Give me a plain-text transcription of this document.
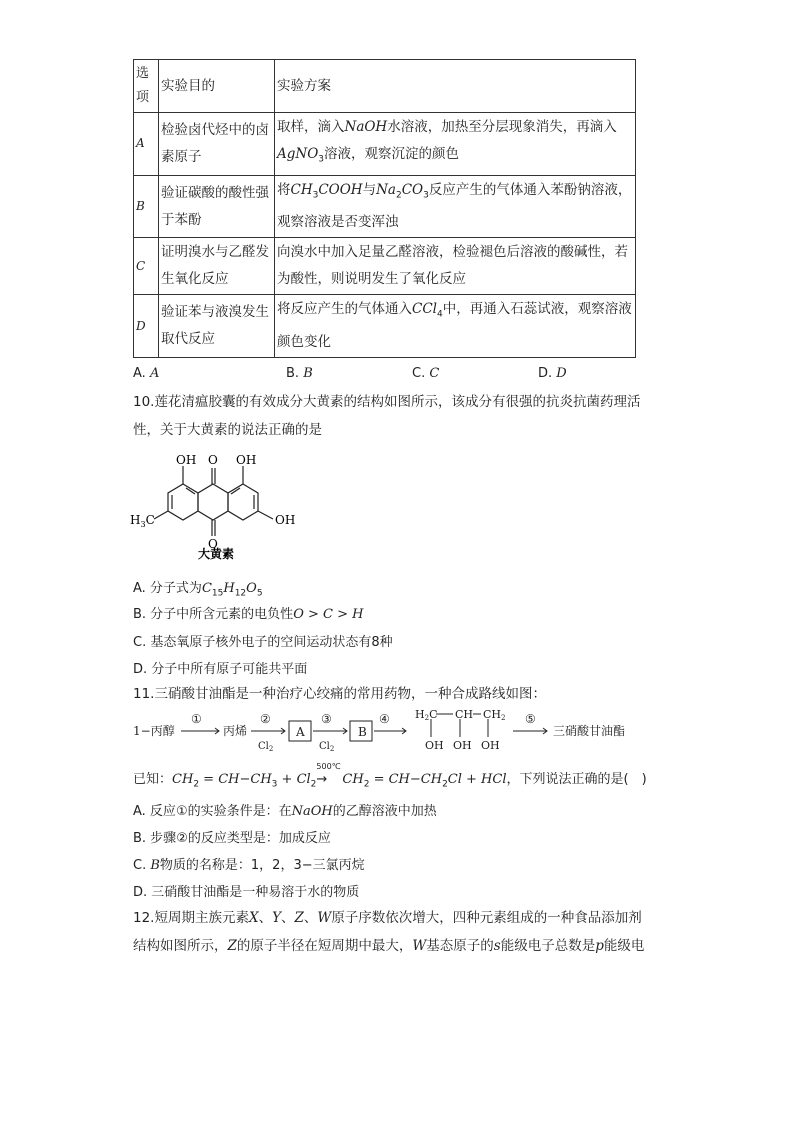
选项	实验目的	实验方案
A	检验卤代烃中的卤素原子	取样，滴入NaOH水溶液，加热至分层现象消失，再滴入AgNO$_3$溶液，观察沉淀的颜色
B	验证碳酸的酸性强于苯酚	将$CH_3COOH$与$Na_2CO_3$反应产生的气体通入苯酚钠溶液，观察溶液是否变浑浊
C	证明溴水与乙醛发生氧化反应	向溴水中加入足量乙醛溶液，检验褪色后溶液的酸碱性，若为酸性，则说明发生了氧化反应
D	验证苯与液溴发生取代反应	将反应产生的气体通入CCl$_4$中，再通入石蕊试液，观察溶液颜色变化
A. A	B. B	C. C	D. D
10.莲花清瘟胶囊的有效成分大黄素的结构如图所示，该成分有很强的抗炎抗菌药理活
性，关于大黄素的说法正确的是
OH O OH
O
OH
$H_3C$
大黄素
A. 分子式为$C_{15}H_{12}O_5$
B. 分子中所含元素的电负性O > C > H
C. 基态氧原子核外电子的空间运动状态有8种
D. 分子中所有原子可能共平面
11.三硝酸甘油酯是一种治疗心绞痛的常用药物，一种合成路线如图：
1−丙醇
①
丙烯
②
$Cl_2$
A
③
$Cl_2$
B
④ H2C CH CH2
OH OH OH
⑤
三硝酸甘油酯
已知：$CH_2 = CH-CH_3 + Cl_2$
500℃
→ $CH_2 = CH-CH_2Cl$ + HCl，下列说法正确的是(　)
A. 反应①的实验条件是：在NaOH的乙醇溶液中加热
B. 步骤②的反应类型是：加成反应
C. B物质的名称是：1，2，3−三氯丙烷
D. 三硝酸甘油酯是一种易溶于水的物质
12.短周期主族元素X、Y、Z、W原子序数依次增大，四种元素组成的一种食品添加剂
结构如图所示，Z的原子半径在短周期中最大，W基态原子的s能级电子总数是p能级电
